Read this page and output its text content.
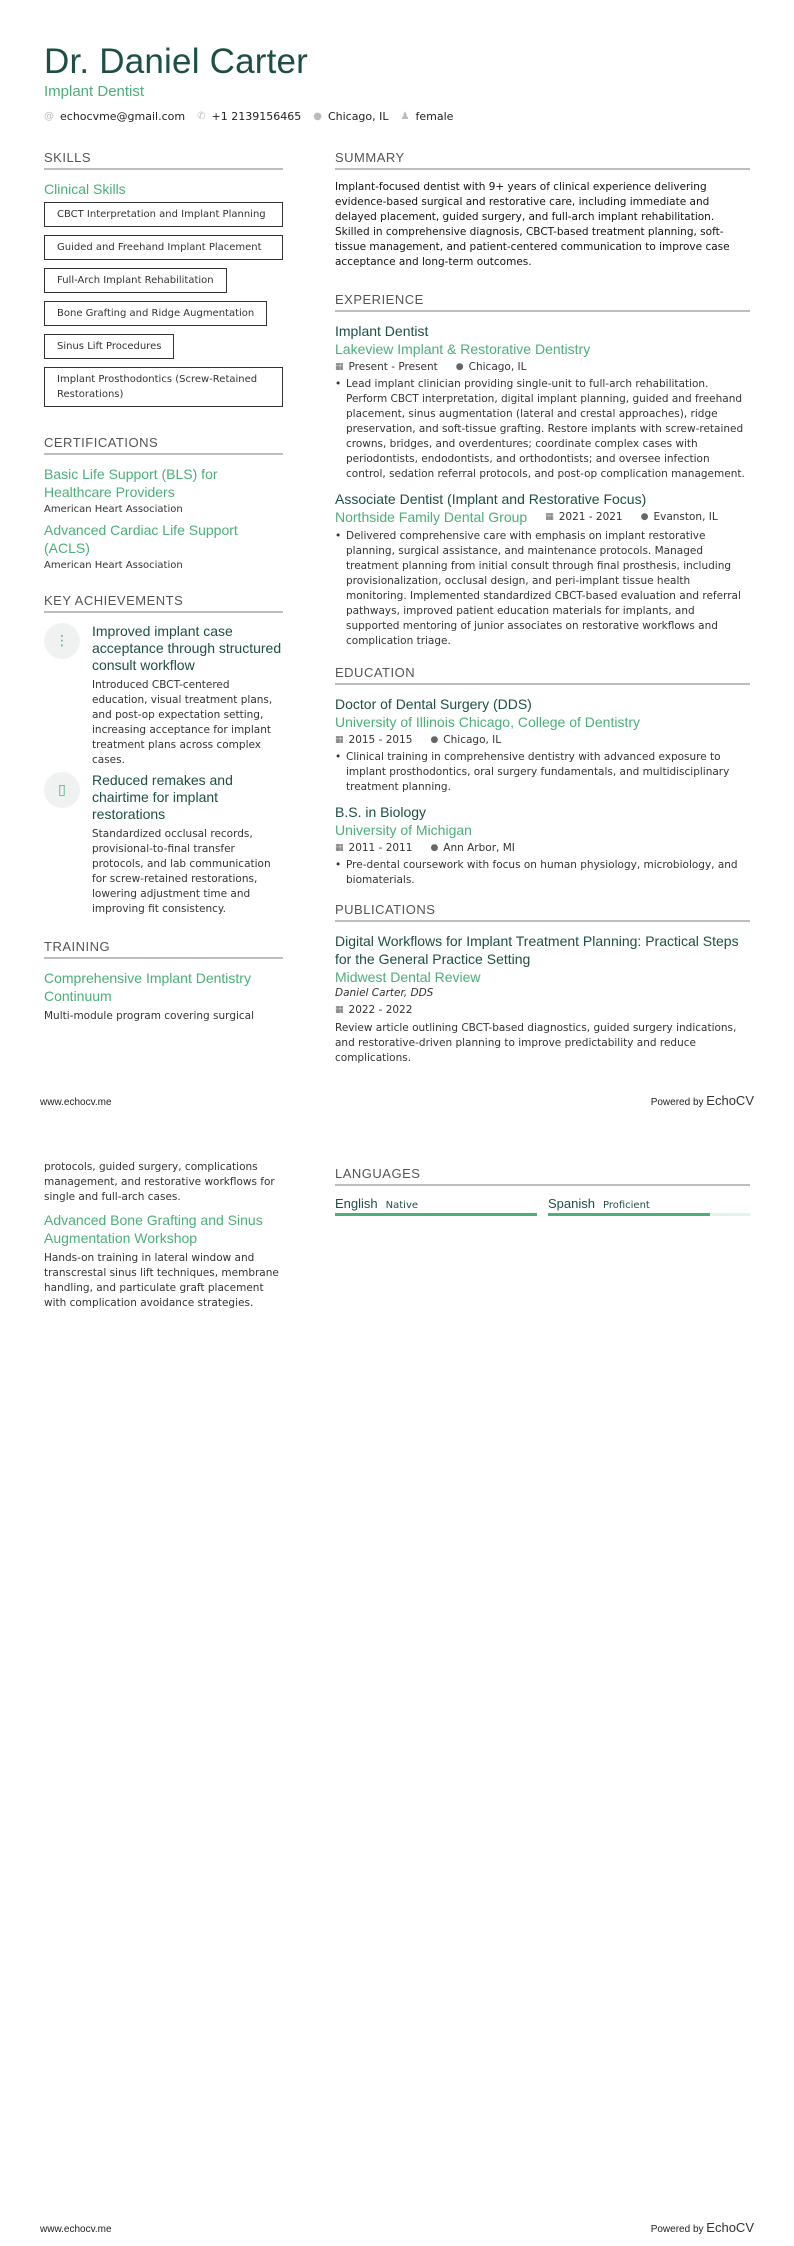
Dr. Daniel Carter
Implant Dentist
@ echocvme@gmail.com ✆ +1 2139156465 ● Chicago, IL ♟ female
SKILLS
Clinical Skills
CBCT Interpretation and Implant Planning Guided and Freehand Implant Placement Full-Arch Implant Rehabilitation Bone Grafting and Ridge Augmentation Sinus Lift Procedures Implant Prosthodontics (Screw-Retained Restorations)
CERTIFICATIONS
Basic Life Support (BLS) for Healthcare Providers
American Heart Association
Advanced Cardiac Life Support (ACLS)
American Heart Association
KEY ACHIEVEMENTS
⋮
Improved implant case acceptance through structured consult workflow
Introduced CBCT-centered education, visual treatment plans, and post-op expectation setting, increasing acceptance for implant treatment plans across complex cases.
▯
Reduced remakes and chairtime for implant restorations
Standardized occlusal records, provisional-to-final transfer protocols, and lab communication for screw-retained restorations, lowering adjustment time and improving fit consistency.
TRAINING
Comprehensive Implant Dentistry Continuum
Multi-module program covering surgical
SUMMARY
Implant-focused dentist with 9+ years of clinical experience delivering evidence-based surgical and restorative care, including immediate and delayed placement, guided surgery, and full-arch implant rehabilitation.
Skilled in comprehensive diagnosis, CBCT-based treatment planning, soft-tissue management, and patient-centered communication to improve case acceptance and long-term outcomes.
EXPERIENCE
Implant Dentist
Lakeview Implant & Restorative Dentistry
▦ Present - Present ● Chicago, IL
• Lead implant clinician providing single-unit to full-arch rehabilitation. Perform CBCT interpretation, digital implant planning, guided and freehand placement, sinus augmentation (lateral and crestal approaches), ridge preservation, and soft-tissue grafting. Restore implants with screw-retained crowns, bridges, and overdentures; coordinate complex cases with periodontists, endodontists, and orthodontists; and oversee infection control, sedation referral protocols, and post-op complication management.
Associate Dentist (Implant and Restorative Focus)
Northside Family Dental Group ▦ 2021 - 2021 ● Evanston, IL
• Delivered comprehensive care with emphasis on implant restorative planning, surgical assistance, and maintenance protocols. Managed treatment planning from initial consult through final prosthesis, including provisionalization, occlusal design, and peri-implant tissue health monitoring. Implemented standardized CBCT-based evaluation and referral pathways, improved patient education materials for implants, and supported mentoring of junior associates on restorative workflows and complication triage.
EDUCATION
Doctor of Dental Surgery (DDS)
University of Illinois Chicago, College of Dentistry
▦ 2015 - 2015 ● Chicago, IL
• Clinical training in comprehensive dentistry with advanced exposure to implant prosthodontics, oral surgery fundamentals, and multidisciplinary treatment planning.
B.S. in Biology
University of Michigan
▦ 2011 - 2011 ● Ann Arbor, MI
• Pre-dental coursework with focus on human physiology, microbiology, and biomaterials.
PUBLICATIONS
Digital Workflows for Implant Treatment Planning: Practical Steps for the General Practice Setting
Midwest Dental Review
Daniel Carter, DDS
▦ 2022 - 2022
Review article outlining CBCT-based diagnostics, guided surgery indications, and restorative-driven planning to improve predictability and reduce complications.
www.echocv.me	Powered by EchoCV
protocols, guided surgery, complications management, and restorative workflows for single and full-arch cases.
Advanced Bone Grafting and Sinus Augmentation Workshop
Hands-on training in lateral window and transcrestal sinus lift techniques, membrane handling, and particulate graft placement with complication avoidance strategies.
LANGUAGES
English Native	Spanish Proficient
www.echocv.me	Powered by EchoCV
